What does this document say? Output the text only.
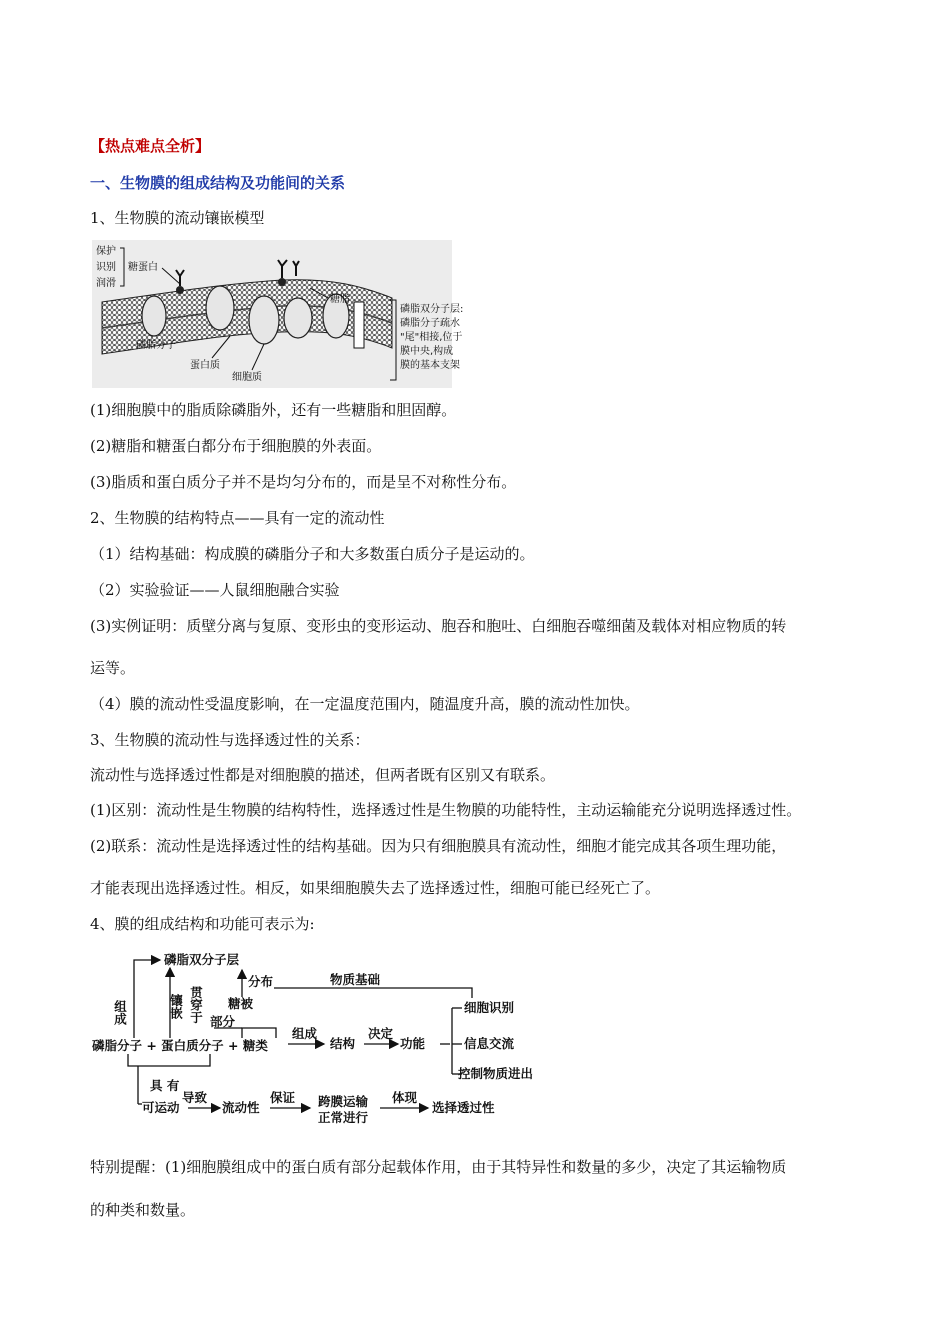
【热点难点全析】
一、生物膜的组成结构及功能间的关系
1、生物膜的流动镶嵌模型
保护
识别
润滑
糖蛋白
糖脂
磷脂分子
蛋白质
细胞质
磷脂双分子层:
磷脂分子疏水
"尾"相接,位于
膜中央,构成
膜的基本支架
(1)细胞膜中的脂质除磷脂外，还有一些糖脂和胆固醇。
(2)糖脂和糖蛋白都分布于细胞膜的外表面。
(3)脂质和蛋白质分子并不是均匀分布的，而是呈不对称性分布。
2、生物膜的结构特点——具有一定的流动性
（1）结构基础：构成膜的磷脂分子和大多数蛋白质分子是运动的。
（2）实验验证——人鼠细胞融合实验
(3)实例证明：质壁分离与复原、变形虫的变形运动、胞吞和胞吐、白细胞吞噬细菌及载体对相应物质的转
运等。
（4）膜的流动性受温度影响，在一定温度范围内，随温度升高，膜的流动性加快。
3、生物膜的流动性与选择透过性的关系：
流动性与选择透过性都是对细胞膜的描述，但两者既有区别又有联系。
(1)区别：流动性是生物膜的结构特性，选择透过性是生物膜的功能特性，主动运输能充分说明选择透过性。
(2)联系：流动性是选择透过性的结构基础。因为只有细胞膜具有流动性，细胞才能完成其各项生理功能，
才能表现出选择透过性。相反，如果细胞膜失去了选择透过性，细胞可能已经死亡了。
4、膜的组成结构和功能可表示为:
磷脂双分子层
分布
糖被
物质基础
部分
磷脂分子 + 蛋白质分子 + 糖类
组成
结构
决定
功能
细胞识别
信息交流
控制物质进出
具 有
可运动
导致
流动性
保证 跨膜运输
正常进行
体现
选择透过性
组成	镶嵌 贯穿于
特别提醒：(1)细胞膜组成中的蛋白质有部分起载体作用，由于其特异性和数量的多少，决定了其运输物质
的种类和数量。
